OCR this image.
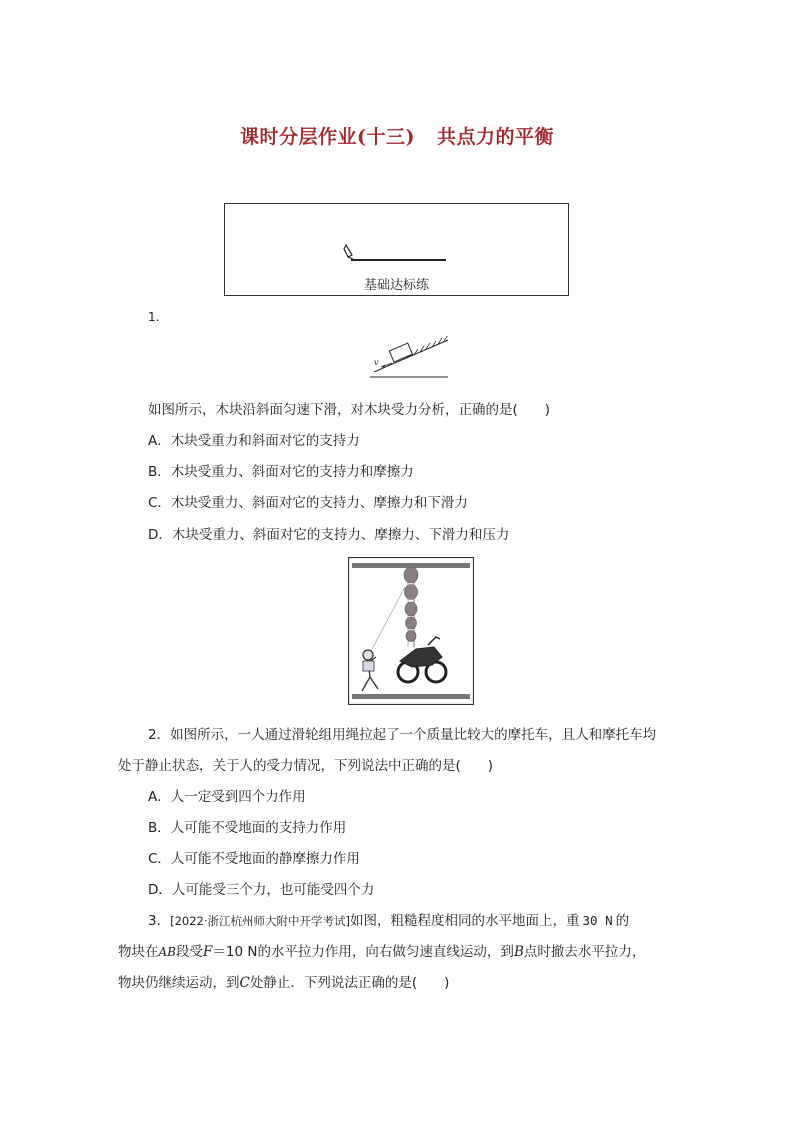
课时分层作业(十三) 共点力的平衡
基础达标练
1.
v
如图所示，木块沿斜面匀速下滑，对木块受力分析，正确的是(　　)
A．木块受重力和斜面对它的支持力
B．木块受重力、斜面对它的支持力和摩擦力
C．木块受重力、斜面对它的支持力、摩擦力和下滑力
D．木块受重力、斜面对它的支持力、摩擦力、下滑力和压力
2．如图所示，一人通过滑轮组用绳拉起了一个质量比较大的摩托车，且人和摩托车均
处于静止状态，关于人的受力情况，下列说法中正确的是(　　)
A．人一定受到四个力作用
B．人可能不受地面的支持力作用
C．人可能不受地面的静摩擦力作用
D．人可能受三个力，也可能受四个力
3．[2022·浙江杭州师大附中开学考试]如图，粗糙程度相同的水平地面上，重 30 N 的
物块在AB段受F＝10 N的水平拉力作用，向右做匀速直线运动，到B点时撤去水平拉力，
物块仍继续运动，到C处静止．下列说法正确的是(　　)
